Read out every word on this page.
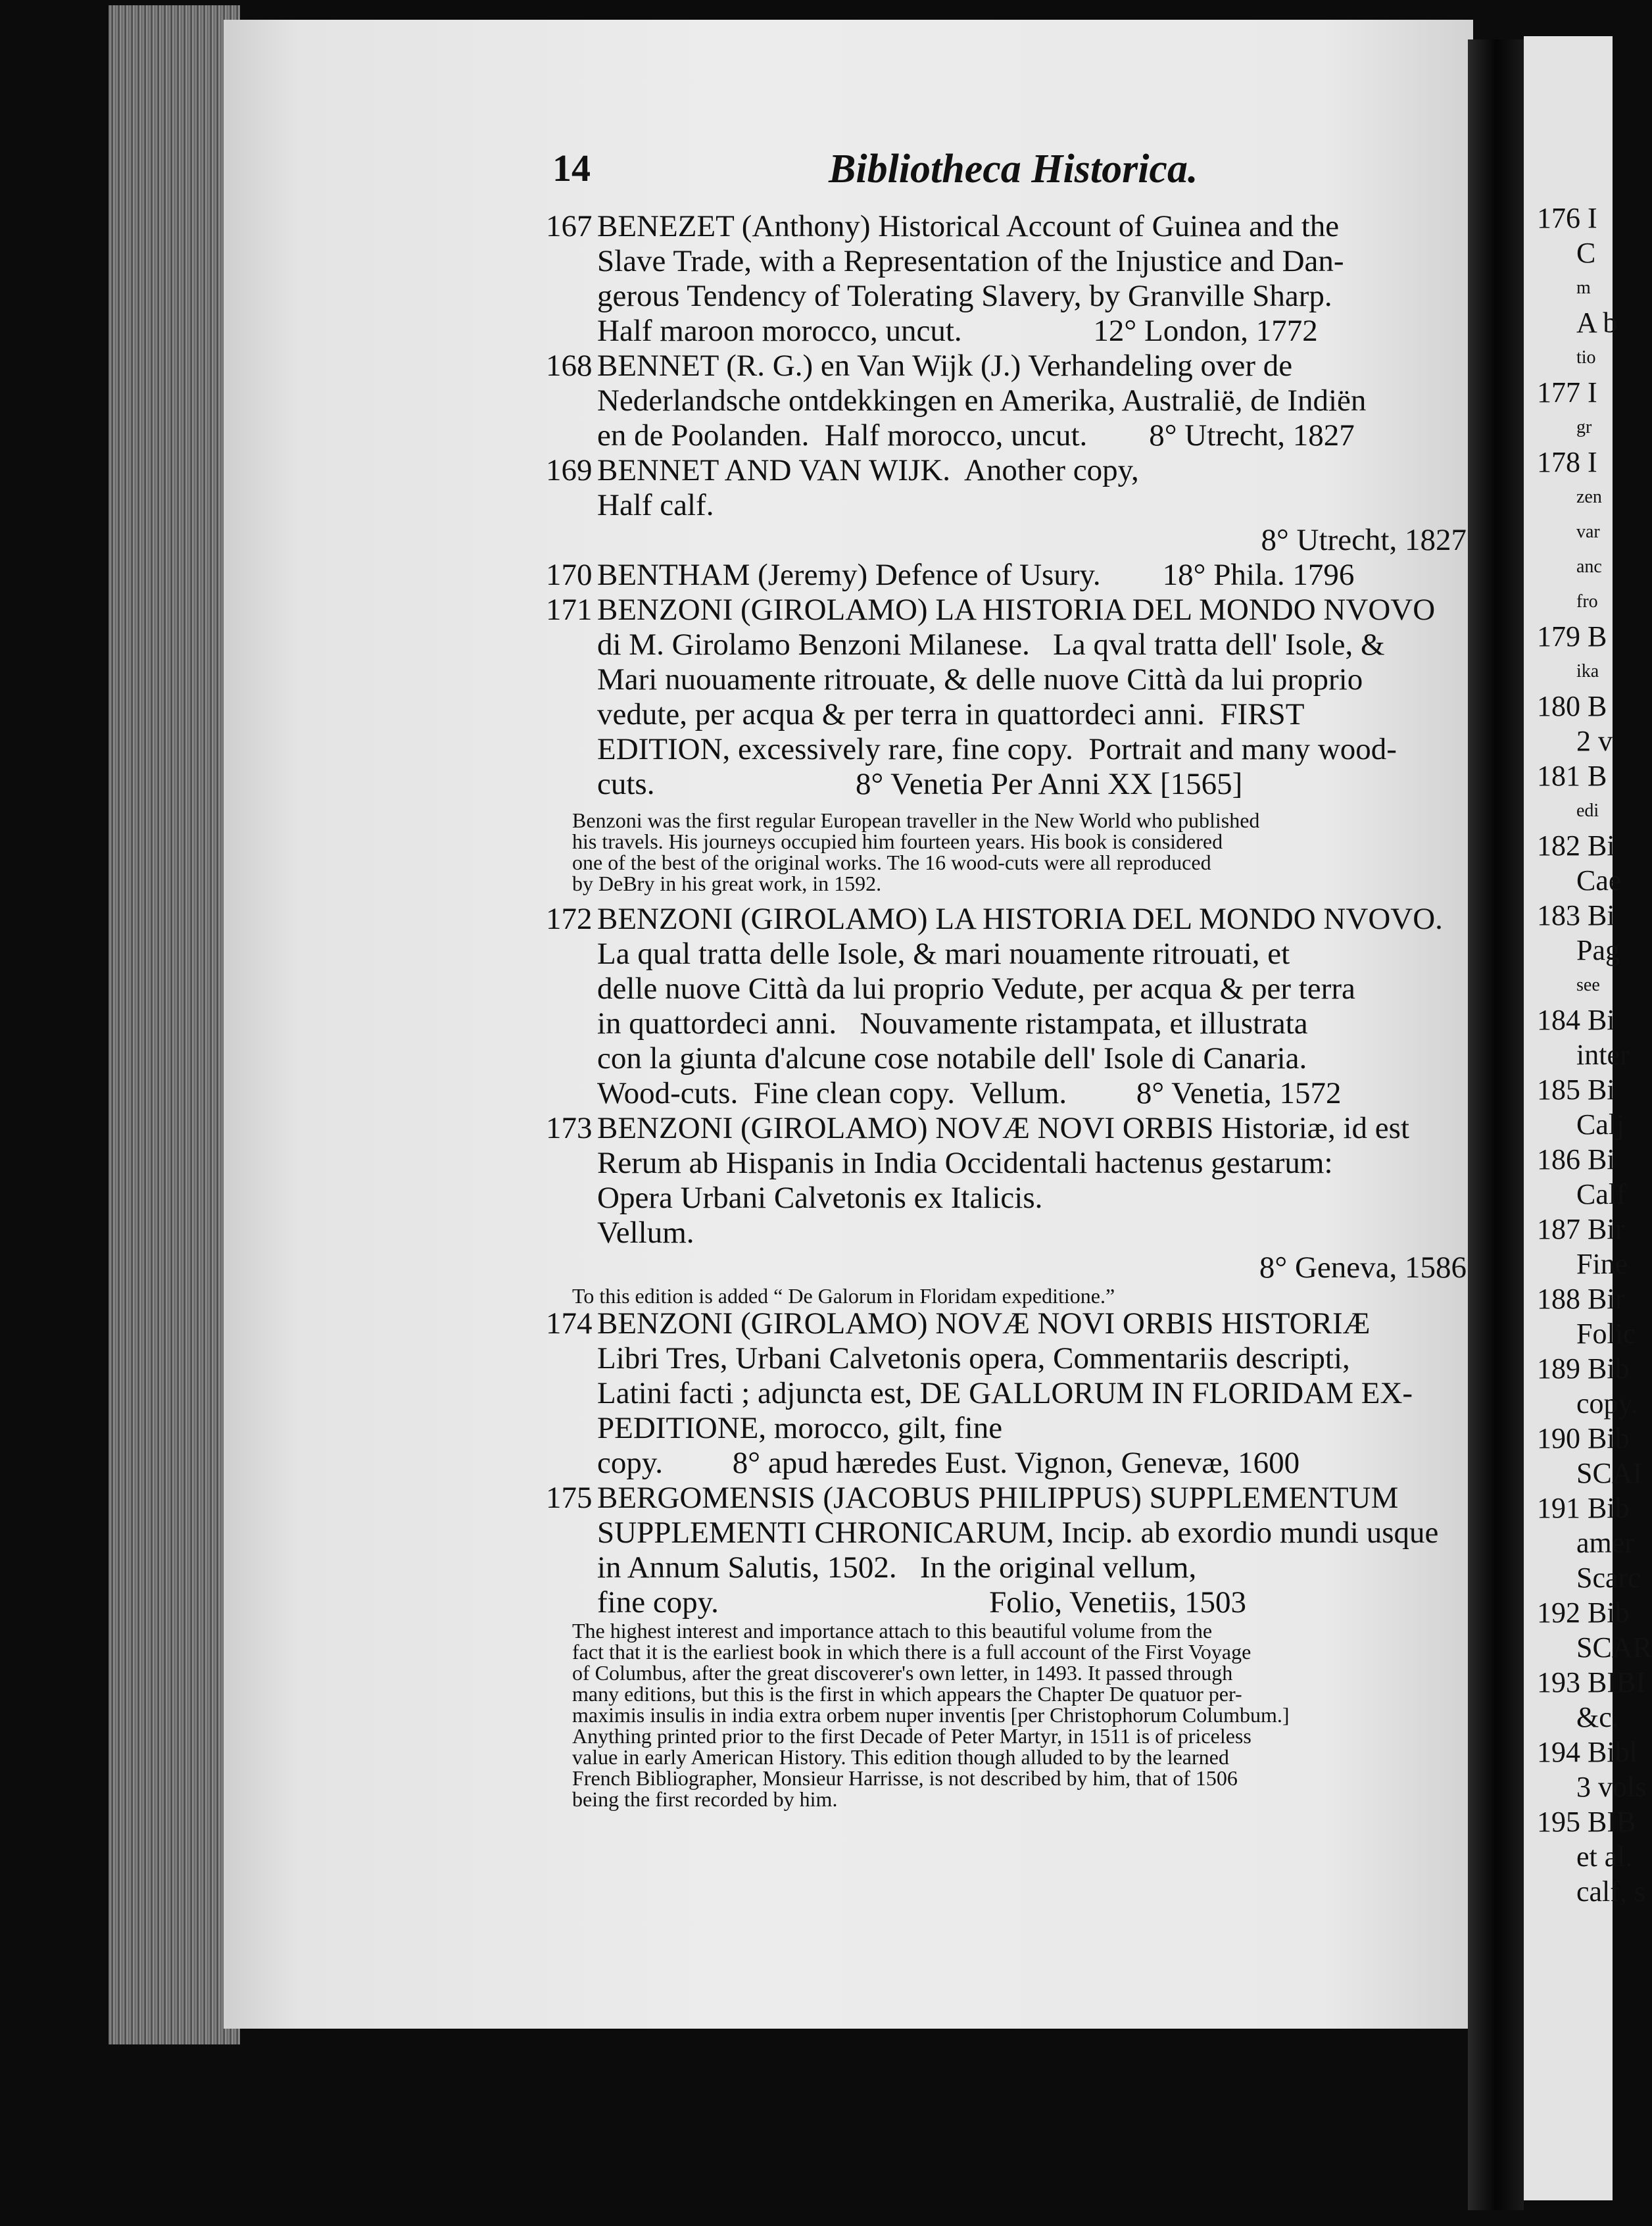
176 I
C
m
A b
tio
177 I
gr
178 I
zen
var
anc
fro
179 B
ika
180 B
2 v
181 B
edi
182 Bi
Cae
183 Bi
Pag
see
184 Bi
inter
185 Bi
Calj
186 Bi
Calf
187 Bir
Fine
188 Bir
Folic
189 Bib
copy.
190 Bib
SCAI
191 Bib
amer
Scarc
192 Bib
SCAR
193 BIBI
&c.
194 Bibl
3 vols
195 BIB
et al.
calf, s
14	Bibliotheca Historica.
167 BENEZET (Anthony) Historical Account of Guinea and the
Slave Trade, with a Representation of the Injustice and Dan-
gerous Tendency of Tolerating Slavery, by Granville Sharp.
Half maroon morocco, uncut.                 12° London, 1772
168 BENNET (R. G.) en Van Wijk (J.) Verhandeling over de
Nederlandsche ontdekkingen en Amerika, Australië, de Indiën
en de Poolanden.  Half morocco, uncut.        8° Utrecht, 1827
169 BENNET AND VAN WIJK.  Another copy,
Half calf.
8° Utrecht, 1827
170 BENTHAM (Jeremy) Defence of Usury.        18° Phila. 1796
171 BENZONI (GIROLAMO) LA HISTORIA DEL MONDO NVOVO
di M. Girolamo Benzoni Milanese.   La qval tratta dell' Isole, &
Mari nuouamente ritrouate, & delle nuove Città da lui proprio
vedute, per acqua & per terra in quattordeci anni.  FIRST
EDITION, excessively rare, fine copy.  Portrait and many wood-
cuts.                          8° Venetia Per Anni XX [1565]
Benzoni was the first regular European traveller in the New World who published
his travels. His journeys occupied him fourteen years. His book is considered
one of the best of the original works. The 16 wood-cuts were all reproduced
by DeBry in his great work, in 1592.
172 BENZONI (GIROLAMO) LA HISTORIA DEL MONDO NVOVO.
La qual tratta delle Isole, & mari nouamente ritrouati, et
delle nuove Città da lui proprio Vedute, per acqua & per terra
in quattordeci anni.   Nouvamente ristampata, et illustrata
con la giunta d'alcune cose notabile dell' Isole di Canaria.
Wood-cuts.  Fine clean copy.  Vellum.         8° Venetia, 1572
173 BENZONI (GIROLAMO) NOVÆ NOVI ORBIS Historiæ, id est
Rerum ab Hispanis in India Occidentali hactenus gestarum:
Opera Urbani Calvetonis ex Italicis.
Vellum.
8° Geneva, 1586
To this edition is added “ De Galorum in Floridam expeditione.”
174 BENZONI (GIROLAMO) NOVÆ NOVI ORBIS HISTORIÆ
Libri Tres, Urbani Calvetonis opera, Commentariis descripti,
Latini facti ; adjuncta est, DE GALLORUM IN FLORIDAM EX-
PEDITIONE, morocco, gilt, fine
copy.         8° apud hæredes Eust. Vignon, Genevæ, 1600
175 BERGOMENSIS (JACOBUS PHILIPPUS) SUPPLEMENTUM
SUPPLEMENTI CHRONICARUM, Incip. ab exordio mundi usque
in Annum Salutis, 1502.   In the original vellum,
fine copy.                                   Folio, Venetiis, 1503
The highest interest and importance attach to this beautiful volume from the
fact that it is the earliest book in which there is a full account of the First Voyage
of Columbus, after the great discoverer's own letter, in 1493. It passed through
many editions, but this is the first in which appears the Chapter De quatuor per-
maximis insulis in india extra orbem nuper inventis [per Christophorum Columbum.]
Anything printed prior to the first Decade of Peter Martyr, in 1511 is of priceless
value in early American History. This edition though alluded to by the learned
French Bibliographer, Monsieur Harrisse, is not described by him, that of 1506
being the first recorded by him.
